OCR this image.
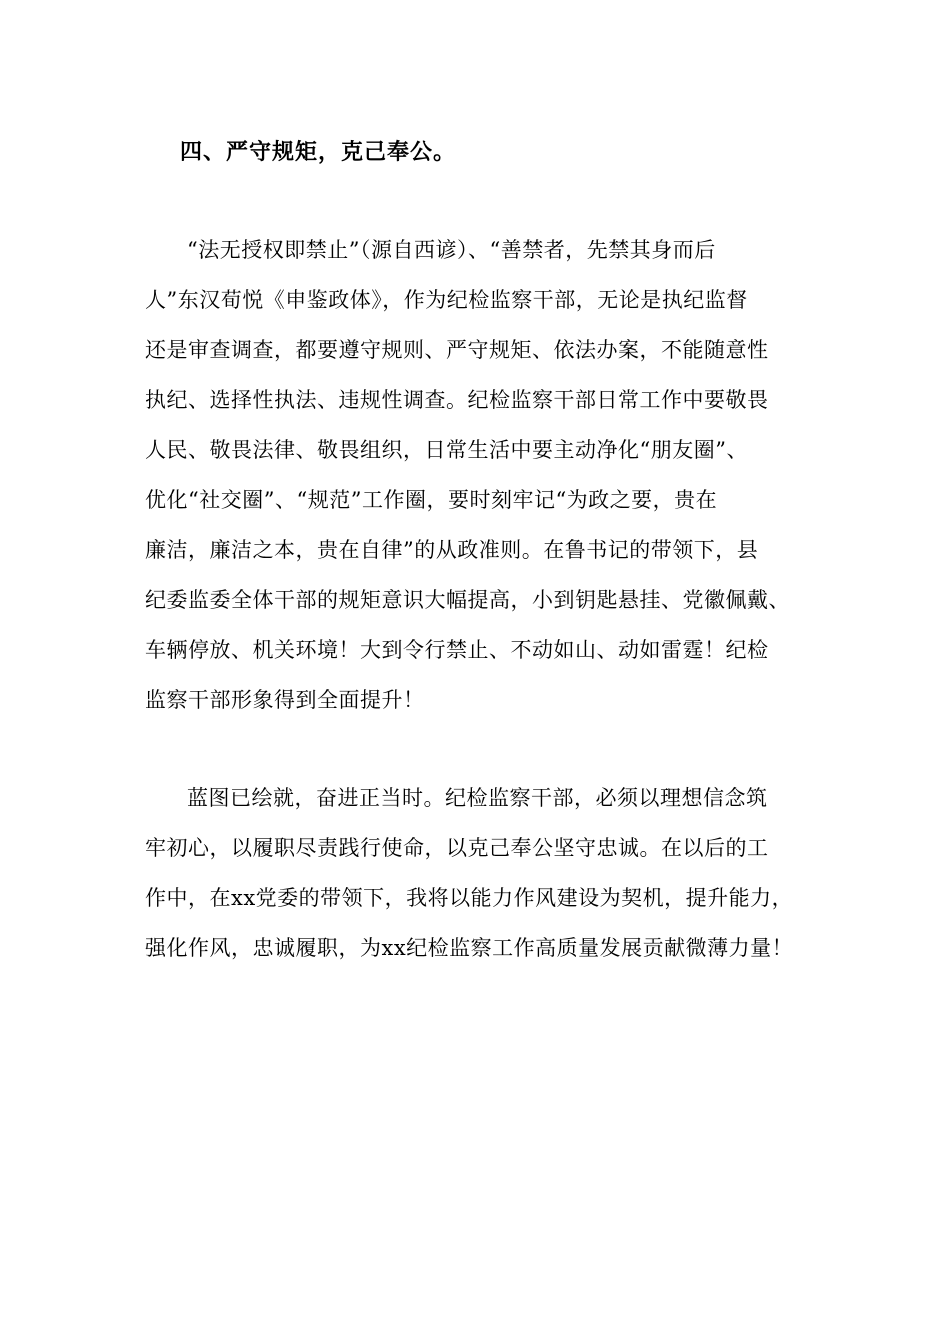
四、严守规矩，克己奉公。
“法无授权即禁止”（源自西谚）、“善禁者，先禁其身而后
人”东汉荀悦《申鉴政体》，作为纪检监察干部，无论是执纪监督
还是审查调查，都要遵守规则、严守规矩、依法办案，不能随意性
执纪、选择性执法、违规性调查。纪检监察干部日常工作中要敬畏
人民、敬畏法律、敬畏组织，日常生活中要主动净化“朋友圈”、
优化“社交圈”、“规范”工作圈，要时刻牢记“为政之要，贵在
廉洁，廉洁之本，贵在自律”的从政准则。在鲁书记的带领下，县
纪委监委全体干部的规矩意识大幅提高，小到钥匙悬挂、党徽佩戴、
车辆停放、机关环境！大到令行禁止、不动如山、动如雷霆！纪检
监察干部形象得到全面提升！
蓝图已绘就，奋进正当时。纪检监察干部，必须以理想信念筑
牢初心，以履职尽责践行使命，以克己奉公坚守忠诚。在以后的工
作中，在xx党委的带领下，我将以能力作风建设为契机，提升能力，
强化作风，忠诚履职，为xx纪检监察工作高质量发展贡献微薄力量！
